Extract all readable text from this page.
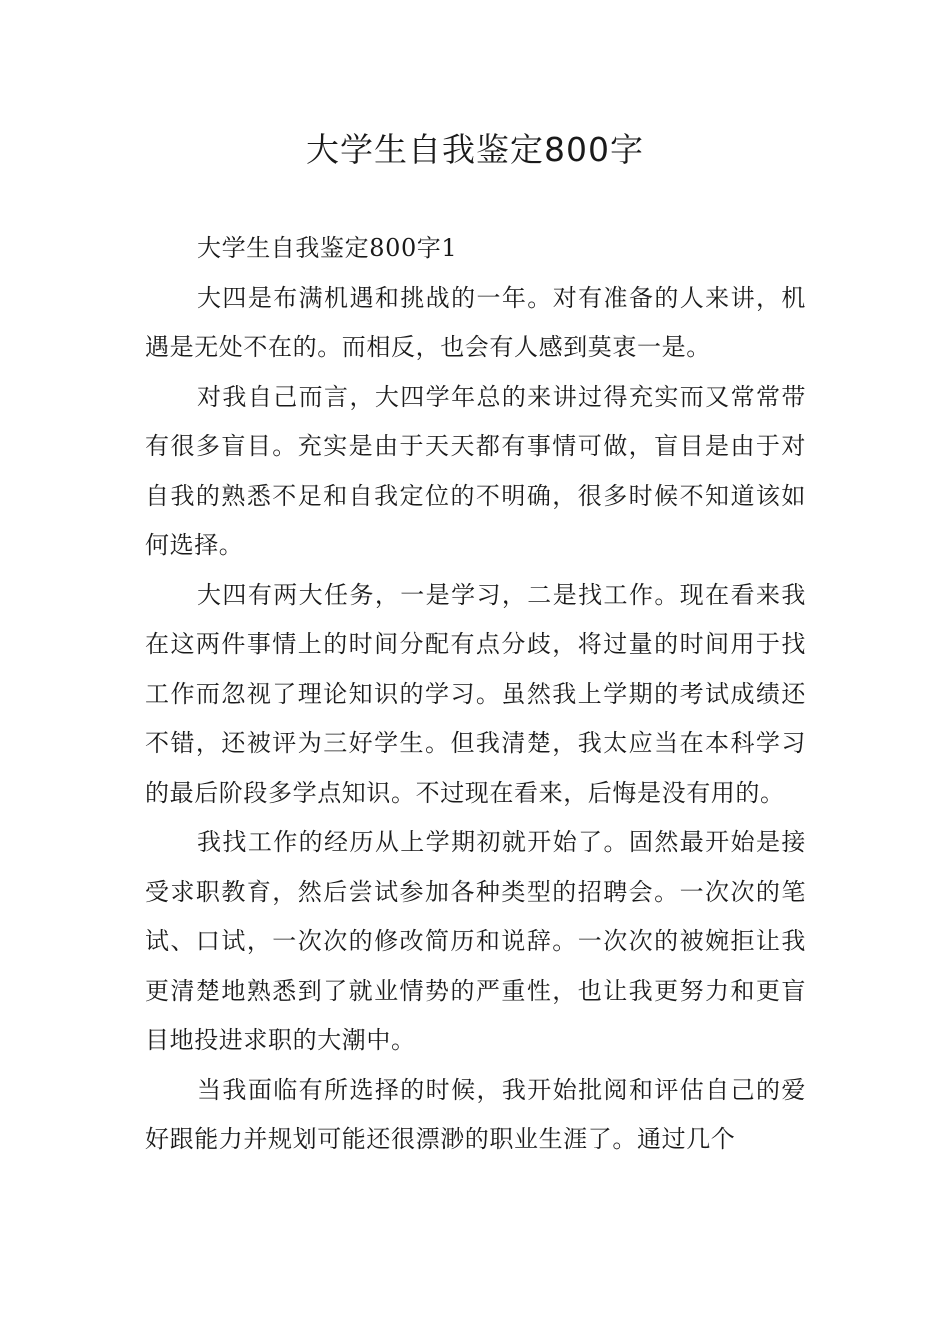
大学生自我鉴定800字

大学生自我鉴定800字1

大四是布满机遇和挑战的一年。对有准备的人来讲，机遇是无处不在的。而相反，也会有人感到莫衷一是。

对我自己而言，大四学年总的来讲过得充实而又常常带有很多盲目。充实是由于天天都有事情可做，盲目是由于对自我的熟悉不足和自我定位的不明确，很多时候不知道该如何选择。

大四有两大任务，一是学习，二是找工作。现在看来我在这两件事情上的时间分配有点分歧，将过量的时间用于找工作而忽视了理论知识的学习。虽然我上学期的考试成绩还不错，还被评为三好学生。但我清楚，我太应当在本科学习的最后阶段多学点知识。不过现在看来，后悔是没有用的。

我找工作的经历从上学期初就开始了。固然最开始是接受求职教育，然后尝试参加各种类型的招聘会。一次次的笔试、口试，一次次的修改简历和说辞。一次次的被婉拒让我更清楚地熟悉到了就业情势的严重性，也让我更努力和更盲目地投进求职的大潮中。

当我面临有所选择的时候，我开始批阅和评估自己的爱好跟能力并规划可能还很漂渺的职业生涯了。通过几个
